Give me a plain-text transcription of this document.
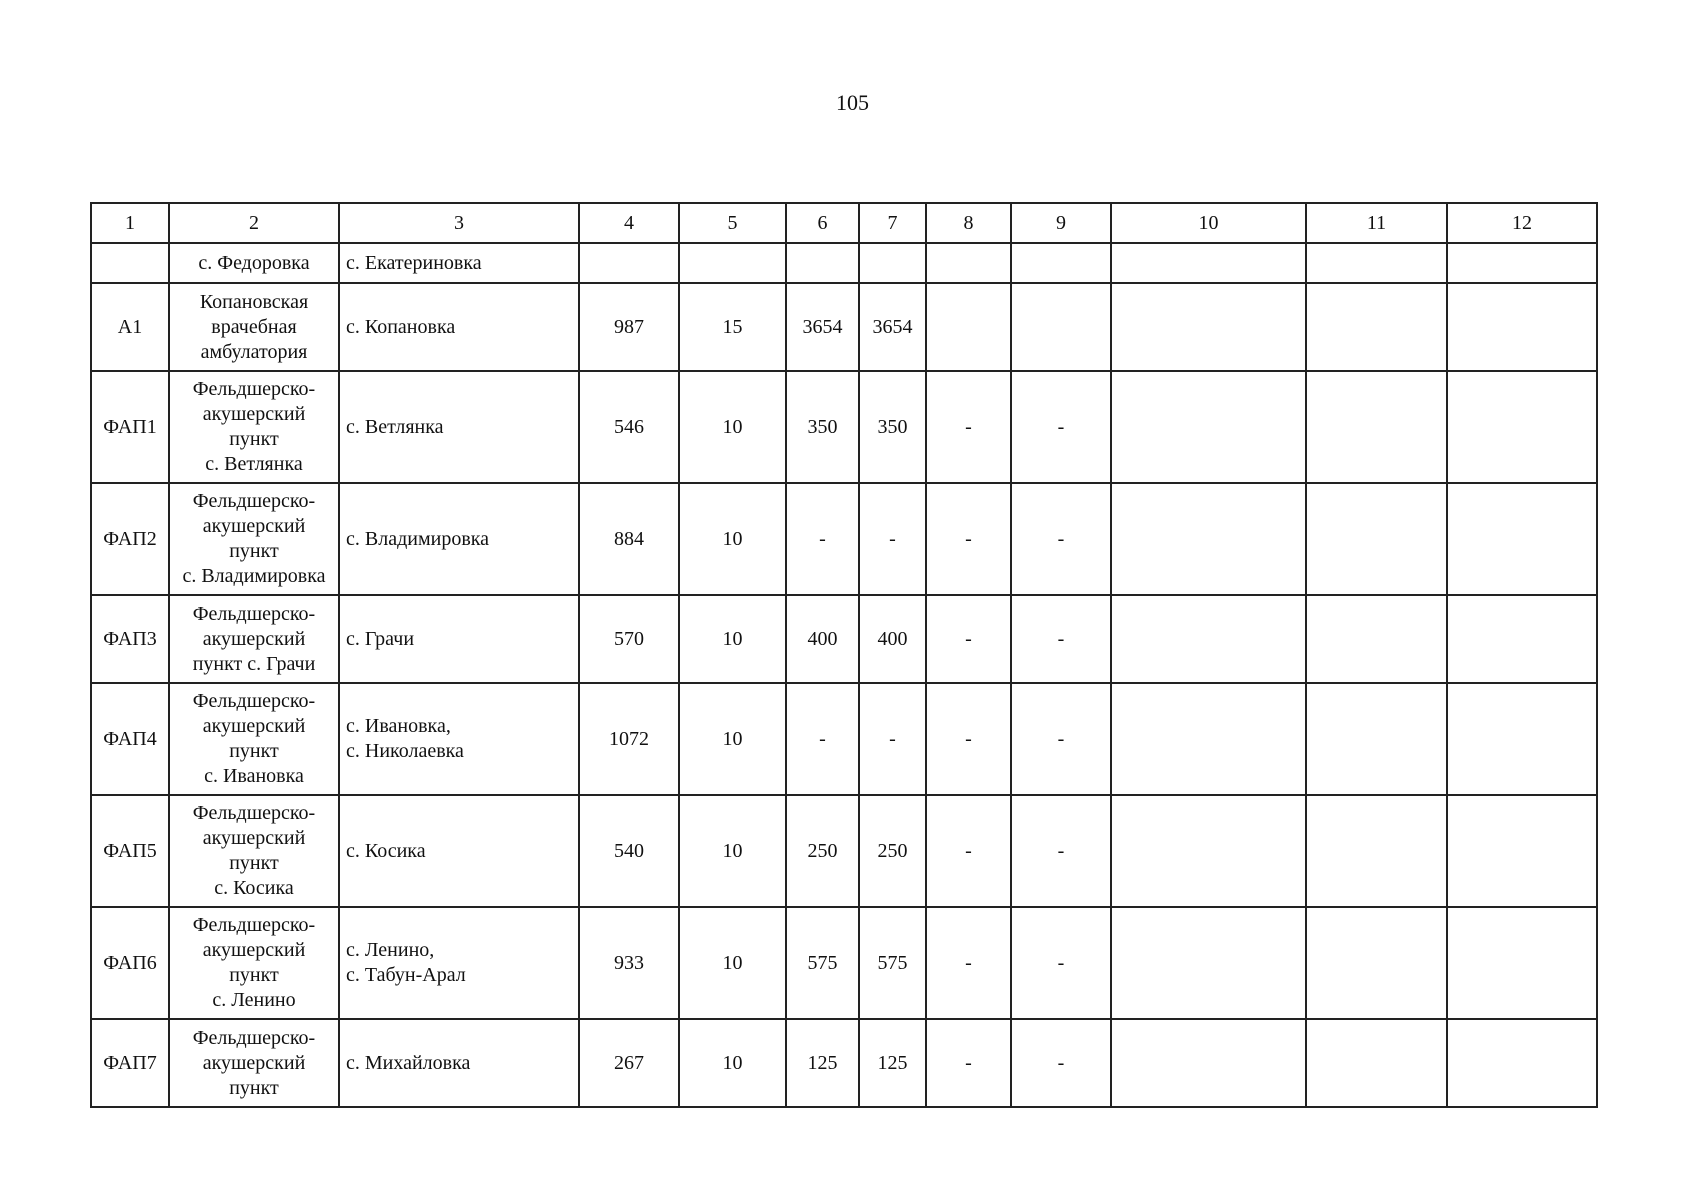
105
1	2	3	4	5	6	7	8	9	10	11	12
	с. Федоровка	с. Екатериновка									
А1	Копановская
врачебная
амбулатория	с. Копановка	987	15	3654	3654					
ФАП1	Фельдшерско-
акушерский
пункт
с. Ветлянка	с. Ветлянка	546	10	350	350	-	-			
ФАП2	Фельдшерско-
акушерский
пункт
с. Владимировка	с. Владимировка	884	10	-	-	-	-			
ФАП3	Фельдшерско-
акушерский
пункт с. Грачи	с. Грачи	570	10	400	400	-	-			
ФАП4	Фельдшерско-
акушерский
пункт
с. Ивановка	с. Ивановка,
с. Николаевка	1072	10	-	-	-	-			
ФАП5	Фельдшерско-
акушерский
пункт
с. Косика	с. Косика	540	10	250	250	-	-			
ФАП6	Фельдшерско-
акушерский
пункт
с. Ленино	с. Ленино,
с. Табун-Арал	933	10	575	575	-	-			
ФАП7	Фельдшерско-
акушерский
пункт	с. Михайловка	267	10	125	125	-	-			
